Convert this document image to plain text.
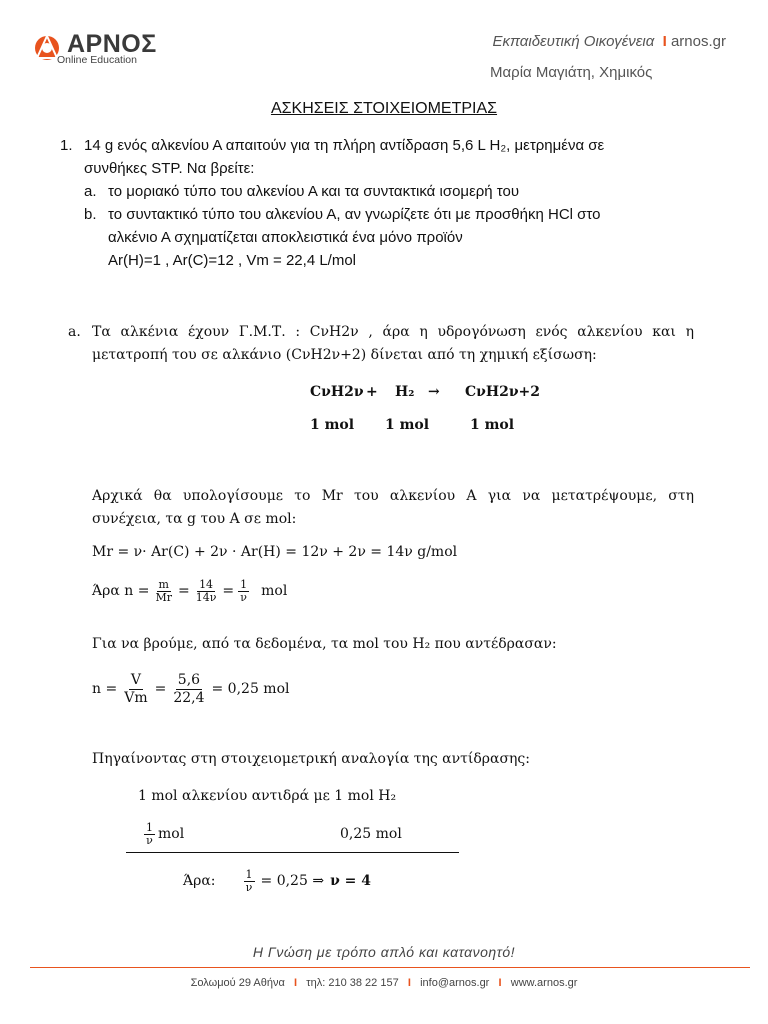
ΑΡΝΟΣ
Online Education
Εκπαιδευτική Οικογένεια  I arnos.gr
Μαρία Μαγιάτη, Χημικός
ΑΣΚΗΣΕΙΣ ΣΤΟΙΧΕΙΟΜΕΤΡΙΑΣ
1. 14 g ενός αλκενίου Α απαιτούν για τη πλήρη αντίδραση 5,6 L H₂, μετρημένα σε
συνθήκες STP. Να βρείτε:
a. το μοριακό τύπο του αλκενίου Α και τα συντακτικά ισομερή του
b. το συντακτικό τύπο του αλκενίου Α, αν γνωρίζετε ότι με προσθήκη HCl στο
αλκένιο Α σχηματίζεται αποκλειστικά ένα μόνο προϊόν
Ar(H)=1 , Ar(C)=12 , Vm = 22,4 L/mol
a. Τα αλκένια έχουν Γ.Μ.Τ. : CνH2ν , άρα η υδρογόνωση ενός αλκενίου και η
μετατροπή του σε αλκάνιο (CνH2ν+2) δίνεται από τη χημική εξίσωση:
CνH2ν + H₂ → CνH2ν+2
1 mol 1 mol	1 mol
Αρχικά θα υπολογίσουμε το Mr του αλκενίου Α για να μετατρέψουμε, στη
συνέχεια, τα g του Α σε mol:
Mr = ν· Ar(C) + 2ν · Ar(H) = 12ν + 2ν = 14ν g/mol
Άρα $n = \frac{m}{Mr} = \frac{14}{14\nu} = \frac{1}{\nu}$ mol
Για να βρούμε, από τα δεδομένα, τα mol του H₂ που αντέδρασαν:
$n = \frac{V}{Vm} = \frac{5,6}{22,4} = 0,25$ mol
Πηγαίνοντας στη στοιχειομετρική αναλογία της αντίδρασης:
1 mol αλκενίου αντιδρά με 1 mol H₂
$\frac{1}{\nu}$ mol	0,25 mol
Άρα:	$\frac{1}{\nu} = 0,25$ ⇒ ν = 4
Η Γνώση με τρόπο απλό και κατανοητό!
Σολωμού 29 Αθήνα   I   τηλ: 210 38 22 157   I   info@arnos.gr   I   www.arnos.gr
